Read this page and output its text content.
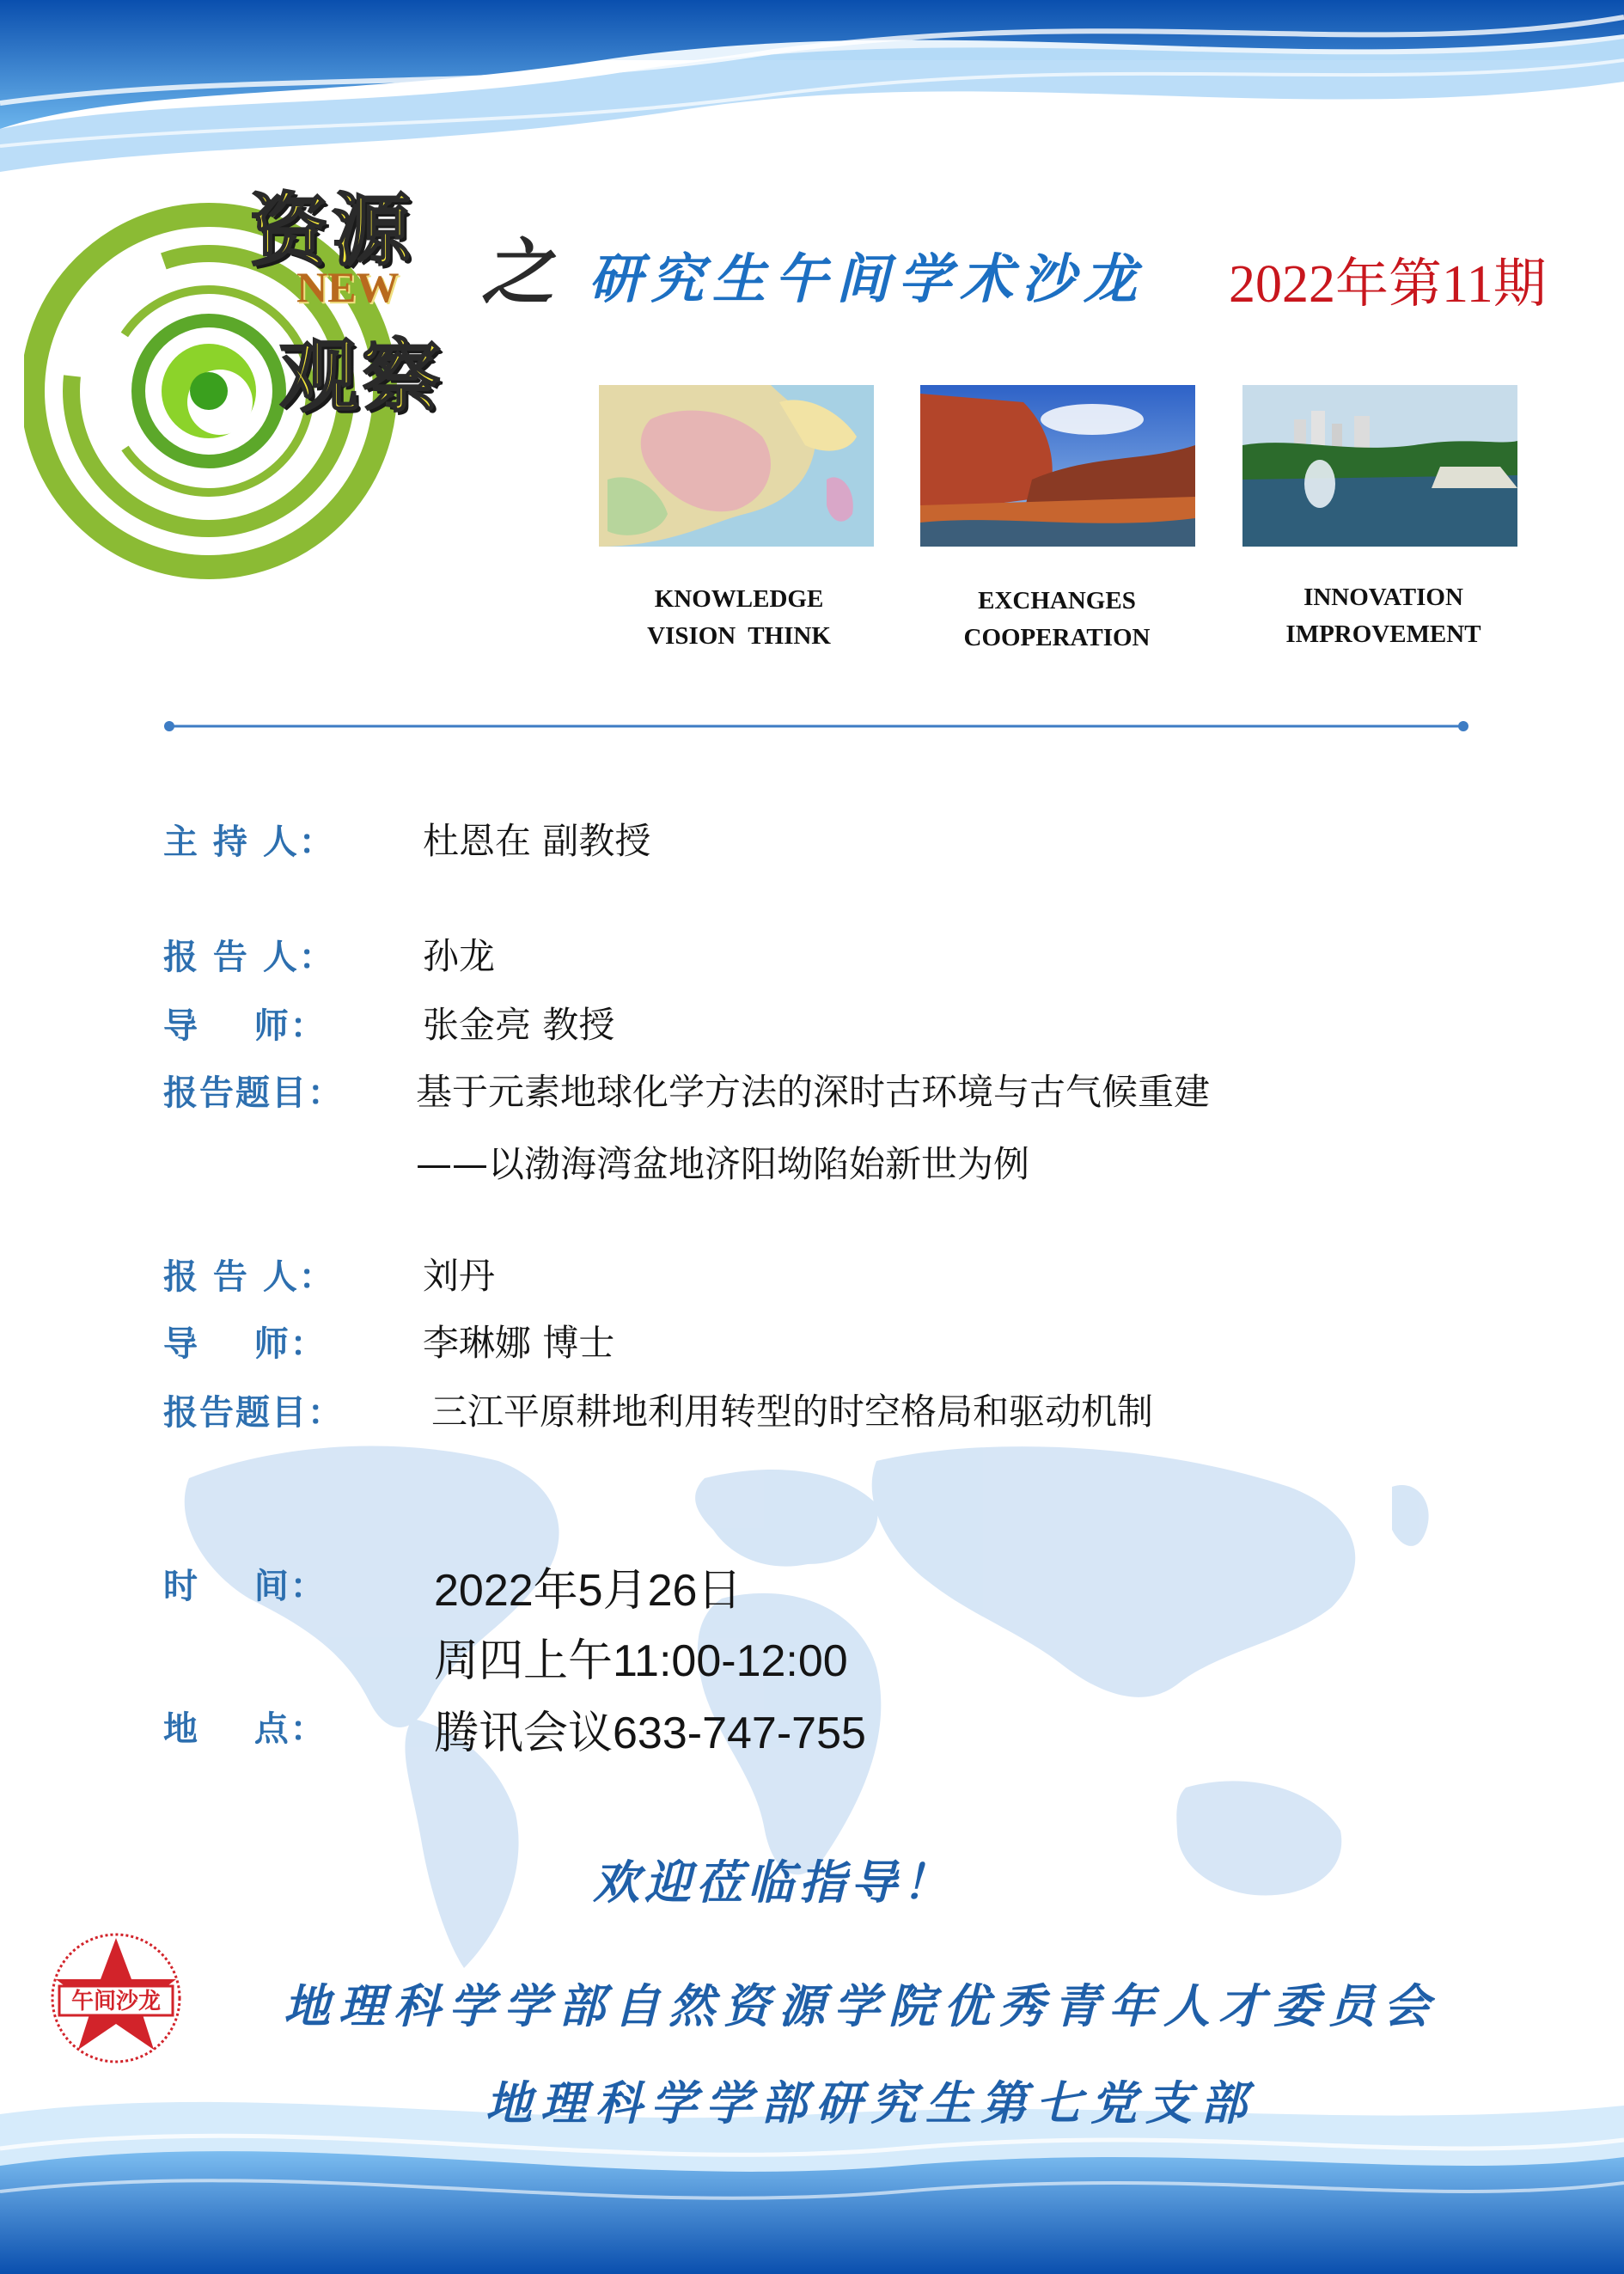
资源
NEW
观察
之 研究生午间学术沙龙 2022年第11期
KNOWLEDGE
VISION  THINK
EXCHANGES
COOPERATION
INNOVATION
IMPROVEMENT
主 持 人： 杜恩在 副教授
报 告 人： 孙龙
导    师：	张金亮 教授
报告题目： 基于元素地球化学方法的深时古环境与古气候重建
——以渤海湾盆地济阳坳陷始新世为例
报 告 人： 刘丹
导    师：	李琳娜 博士
报告题目： 三江平原耕地利用转型的时空格局和驱动机制
时    间： 2022年5月26日
周四上午11:00-12:00
地    点： 腾讯会议633-747-755
欢迎莅临指导！
午间沙龙	地理科学学部自然资源学院优秀青年人才委员会
地理科学学部研究生第七党支部
